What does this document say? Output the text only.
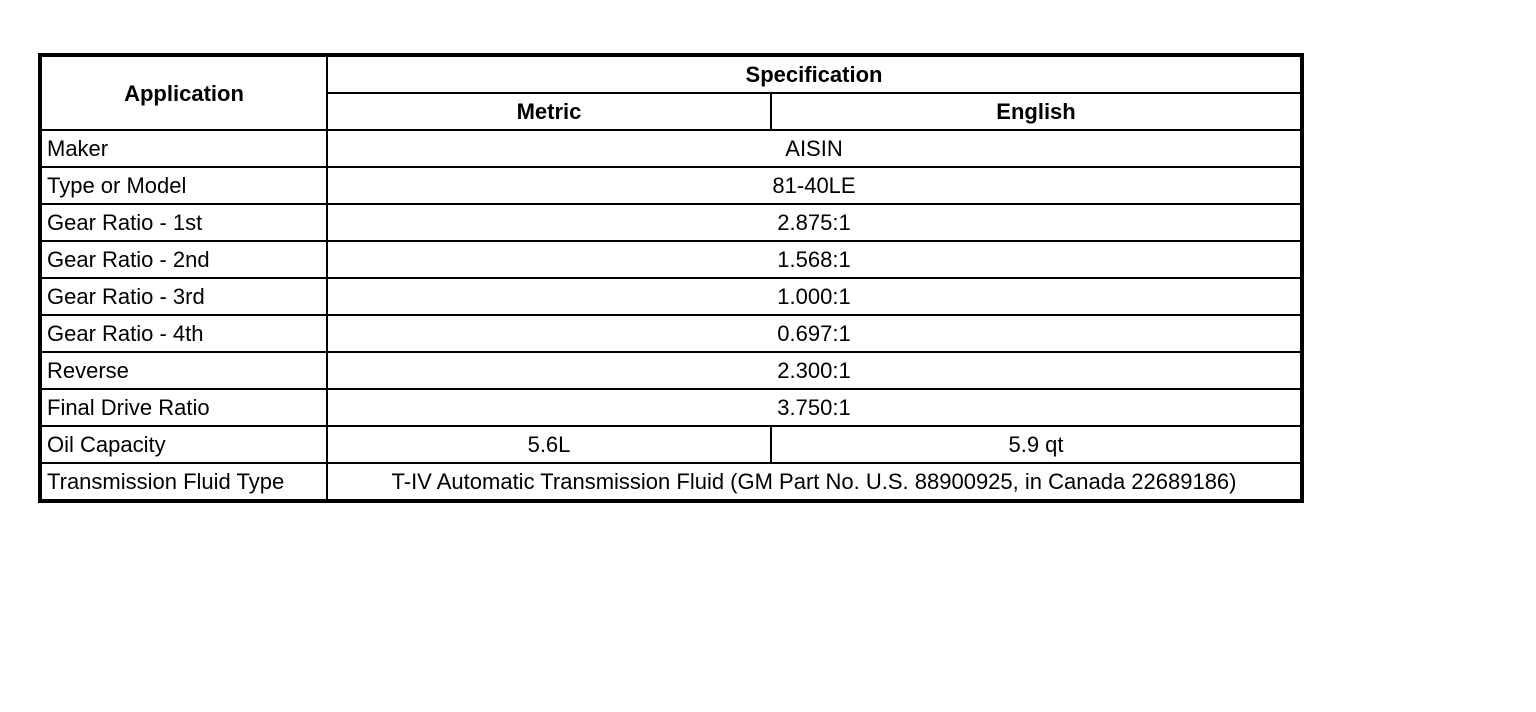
Application	Specification	
	Metric	English
Maker	AISIN	
Type or Model	81-40LE	
Gear Ratio - 1st	2.875:1	
Gear Ratio - 2nd	1.568:1	
Gear Ratio - 3rd	1.000:1	
Gear Ratio - 4th	0.697:1	
Reverse	2.300:1	
Final Drive Ratio	3.750:1	
Oil Capacity	5.6L	5.9 qt
Transmission Fluid Type	T-IV Automatic Transmission Fluid (GM Part No. U.S. 88900925, in Canada 22689186)	
